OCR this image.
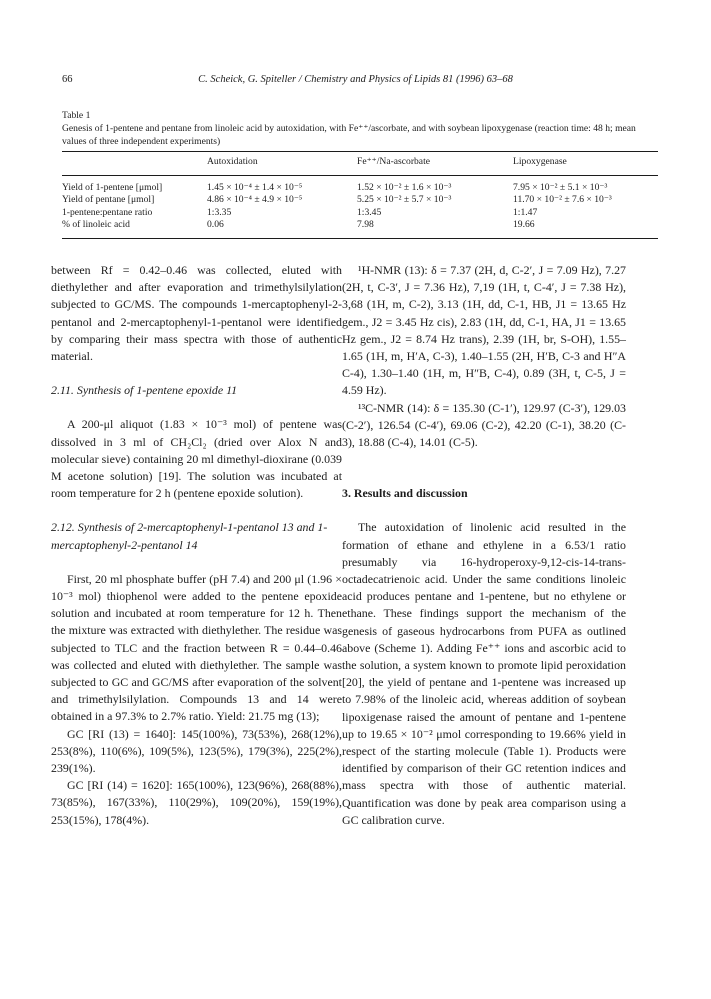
66	C. Scheick, G. Spiteller / Chemistry and Physics of Lipids 81 (1996) 63–68

Table 1

Genesis of 1-pentene and pentane from linoleic acid by autoxidation, with Fe⁺⁺/ascorbate, and with soybean lipoxygenase (reaction time: 48 h; mean values of three independent experiments)

	Autoxidation	Fe⁺⁺/Na-ascorbate	Lipoxygenase
Yield of 1-pentene [μmol]	1.45 × 10⁻⁴ ± 1.4 × 10⁻⁵	1.52 × 10⁻² ± 1.6 × 10⁻³	7.95 × 10⁻² ± 5.1 × 10⁻³
Yield of pentane [μmol]	4.86 × 10⁻⁴ ± 4.9 × 10⁻⁵	5.25 × 10⁻² ± 5.7 × 10⁻³	11.70 × 10⁻² ± 7.6 × 10⁻³
1-pentene:pentane ratio	1:3.35	1:3.45	1:1.47
% of linoleic acid	0.06	7.98	19.66

between Rf = 0.42–0.46 was collected, eluted with diethylether and after evaporation and trimethylsilylation subjected to GC/MS. The compounds 1-mercaptophenyl-2-pentanol and 2-mercaptophenyl-1-pentanol were identified by comparing their mass spectra with those of authentic material.

2.11. Synthesis of 1-pentene epoxide 11

A 200-μl aliquot (1.83 × 10⁻³ mol) of pentene was dissolved in 3 ml of CH₂Cl₂ (dried over Alox N and molecular sieve) containing 20 ml dimethyl-dioxirane (0.039 M acetone solution) [19]. The solution was incubated at room temperature for 2 h (pentene epoxide solution).

2.12. Synthesis of 2-mercaptophenyl-1-pentanol 13 and 1-mercaptophenyl-2-pentanol 14

First, 20 ml phosphate buffer (pH 7.4) and 200 μl (1.96 × 10⁻³ mol) thiophenol were added to the pentene epoxide solution and incubated at room temperature for 12 h. Then the mixture was extracted with diethylether. The residue was subjected to TLC and the fraction between R = 0.44–0.46 was collected and eluted with diethylether. The sample was subjected to GC and GC/MS after evaporation of the solvent and trimethylsilylation. Compounds 13 and 14 were obtained in a 97.3% to 2.7% ratio. Yield: 21.75 mg (13);

GC [RI (13) = 1640]: 145(100%), 73(53%), 268(12%), 253(8%), 110(6%), 109(5%), 123(5%), 179(3%), 225(2%), 239(1%).

GC [RI (14) = 1620]: 165(100%), 123(96%), 268(88%), 73(85%), 167(33%), 110(29%), 109(20%), 159(19%), 253(15%), 178(4%).

¹H-NMR (13): δ = 7.37 (2H, d, C-2′, J = 7.09 Hz), 7.27 (2H, t, C-3′, J = 7.36 Hz), 7,19 (1H, t, C-4′, J = 7.38 Hz), 3,68 (1H, m, C-2), 3.13 (1H, dd, C-1, HB, J1 = 13.65 Hz gem., J2 = 3.45 Hz cis), 2.83 (1H, dd, C-1, HA, J1 = 13.65 Hz gem., J2 = 8.74 Hz trans), 2.39 (1H, br, S-OH), 1.55–1.65 (1H, m, H′A, C-3), 1.40–1.55 (2H, H′B, C-3 and H″A C-4), 1.30–1.40 (1H, m, H″B, C-4), 0.89 (3H, t, C-5, J = 4.59 Hz).

¹³C-NMR (14): δ = 135.30 (C-1′), 129.97 (C-3′), 129.03 (C-2′), 126.54 (C-4′), 69.06 (C-2), 42.20 (C-1), 38.20 (C-3), 18.88 (C-4), 14.01 (C-5).

3. Results and discussion

The autoxidation of linolenic acid resulted in the formation of ethane and ethylene in a 6.53/1 ratio presumably via 16-hydroperoxy-9,12-cis-14-trans-octadecatrienoic acid. Under the same conditions linoleic acid produces pentane and 1-pentene, but no ethylene or ethane. These findings support the mechanism of the genesis of gaseous hydrocarbons from PUFA as outlined above (Scheme 1). Adding Fe⁺⁺ ions and ascorbic acid to the solution, a system known to promote lipid peroxidation [20], the yield of pentane and 1-pentene was increased up to 7.98% of the linoleic acid, whereas addition of soybean lipoxigenase raised the amount of pentane and 1-pentene up to 19.65 × 10⁻² μmol corresponding to 19.66% yield in respect of the starting molecule (Table 1). Products were identified by comparison of their GC retention indices and mass spectra with those of authentic material. Quantification was done by peak area comparison using a GC calibration curve.
